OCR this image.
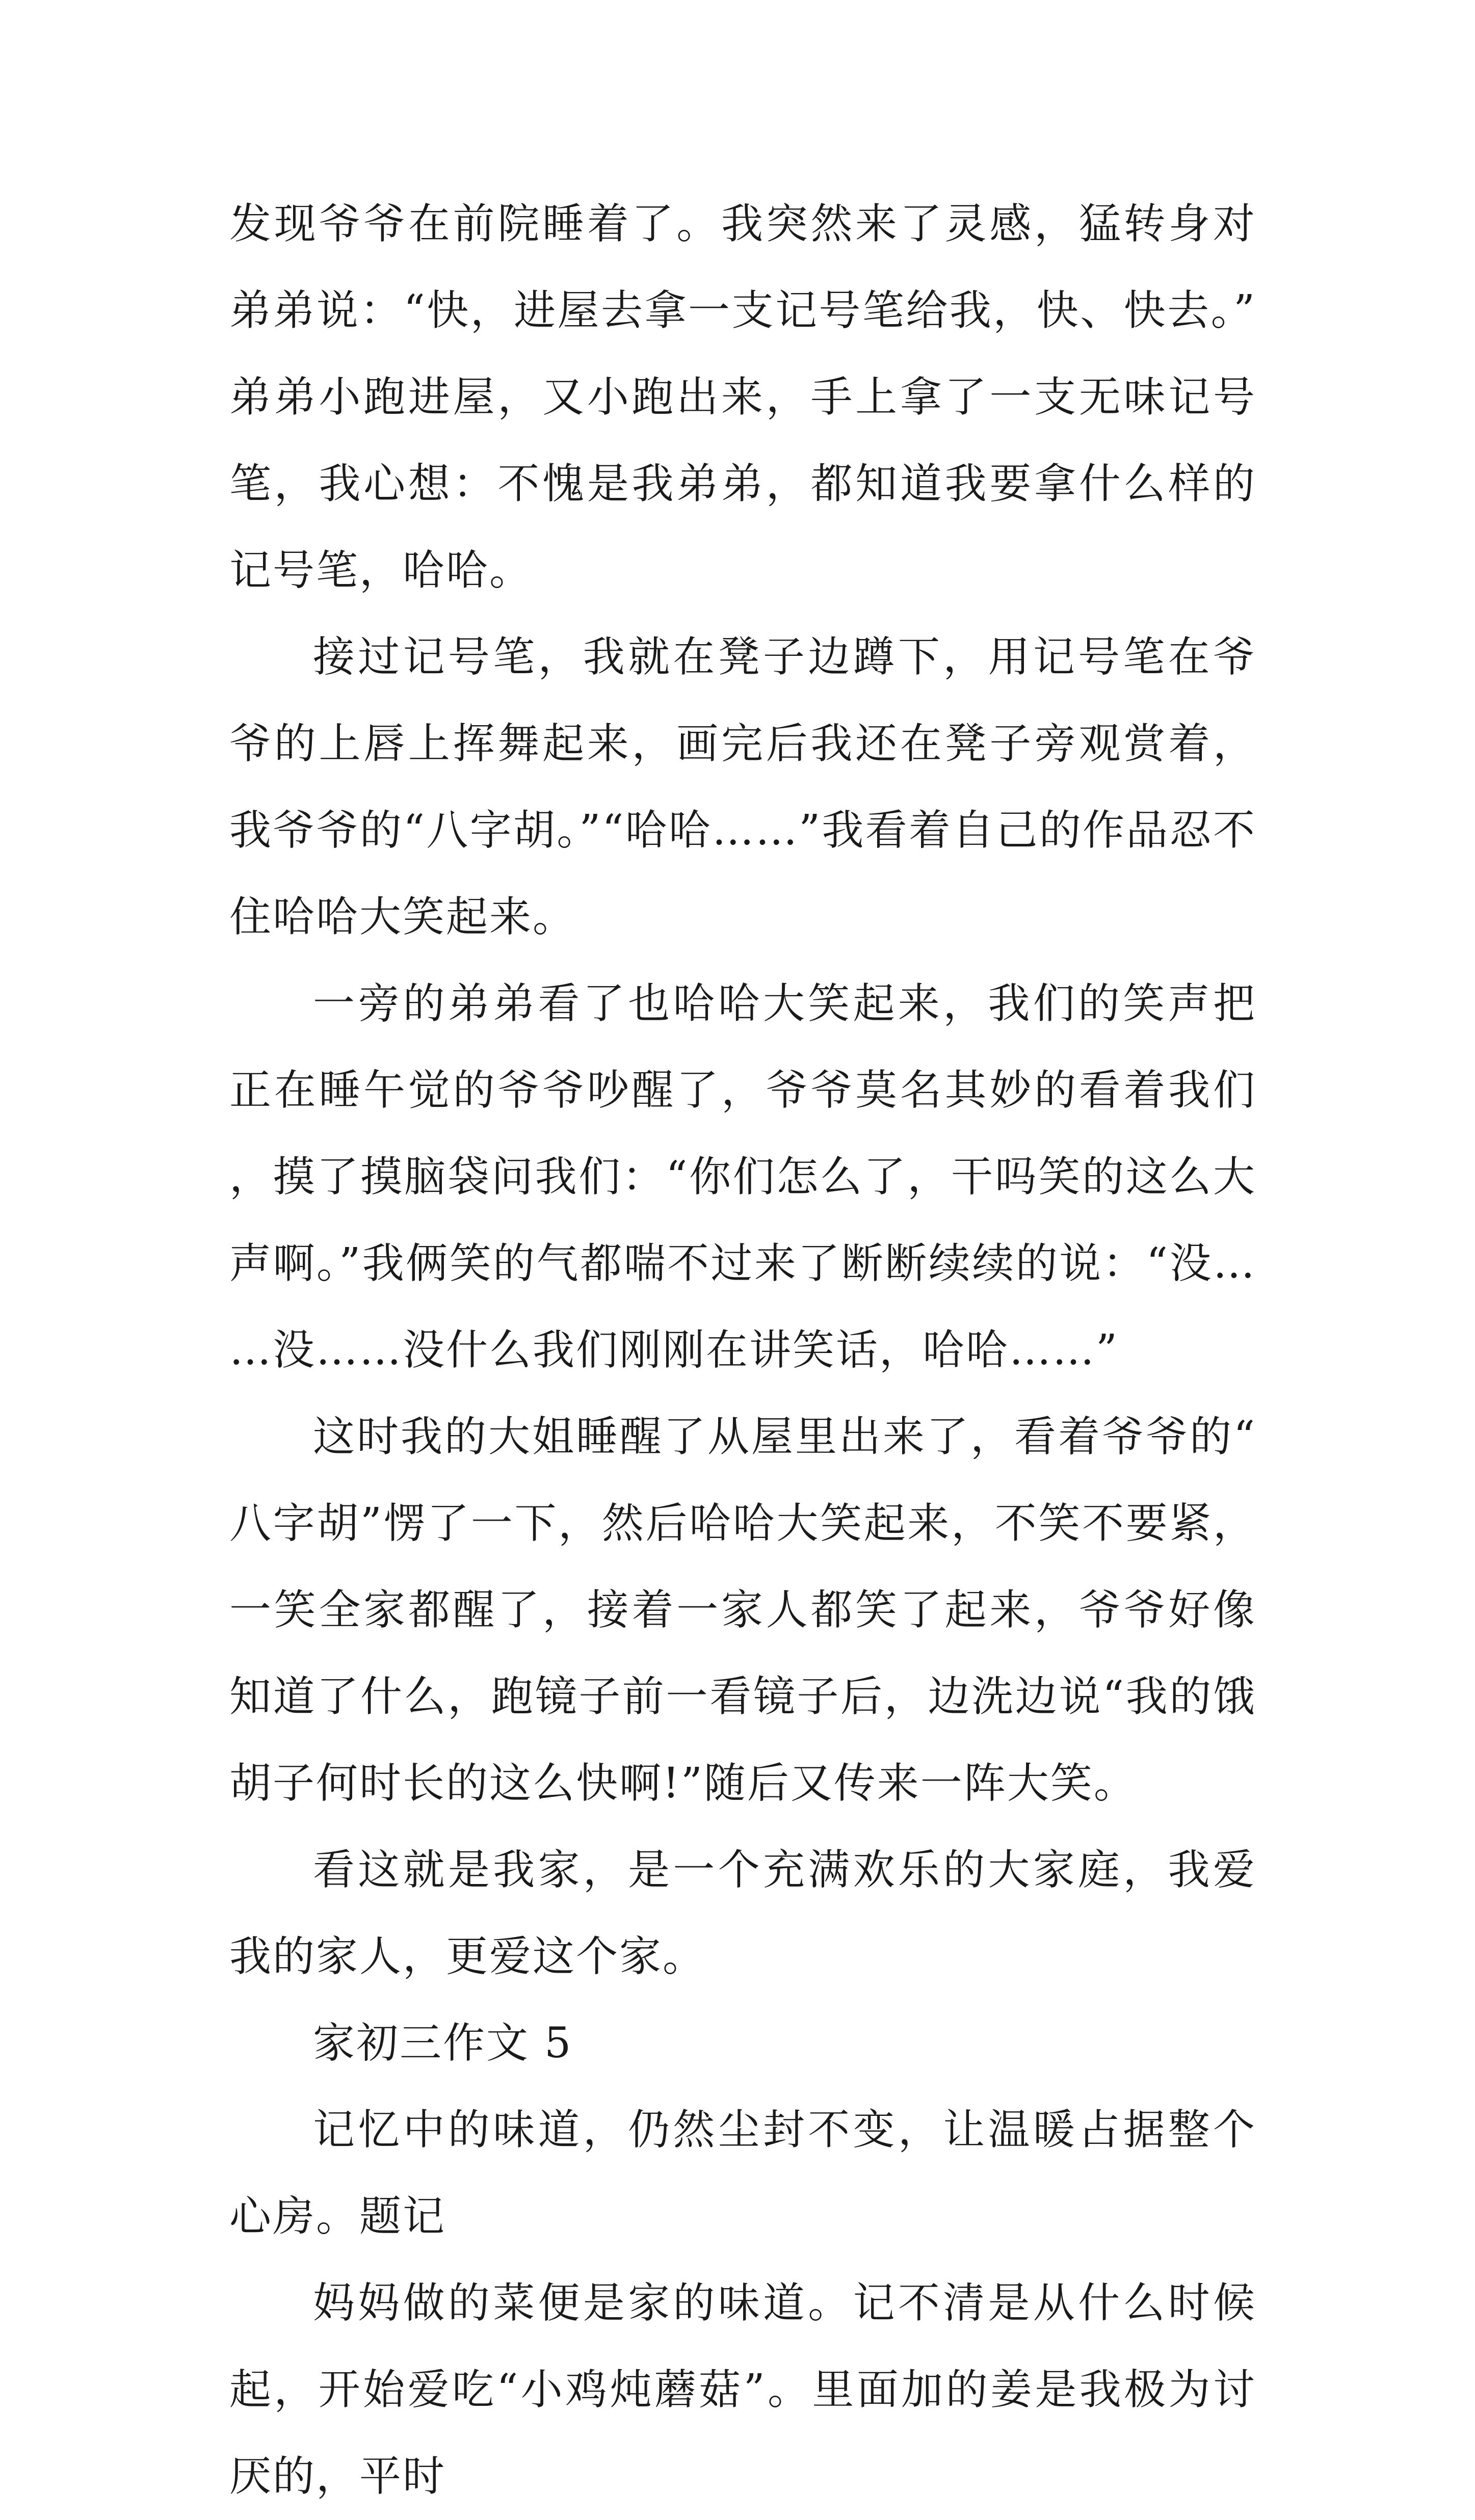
发现爷爷在前院睡着了。我突然来了灵感，猛转身对弟弟说：“快，进屋去拿一支记号笔给我，快、快去。”弟弟小跑进屋，又小跑出来，手上拿了一支无味记号笔，我心想：不愧是我弟弟，都知道我要拿什么样的记号笔，哈哈。

接过记号笔，我就在凳子边蹲下，用记号笔在爷爷的上唇上挥舞起来，画完后我还在凳子旁观赏着，我爷爷的“八字胡。”“哈哈……”我看着自己的作品忍不住哈哈大笑起来。

一旁的弟弟看了也哈哈大笑起来，我们的笑声把正在睡午觉的爷爷吵醒了，爷爷莫名其妙的看着我们，摸了摸脑袋问我们：“你们怎么了，干吗笑的这么大声啊。”我俩笑的气都喘不过来了断断续续的说：“没……没……没什么我们刚刚在讲笑话，哈哈……”

这时我的大姐睡醒了从屋里出来了，看着爷爷的“八字胡”愣了一下，然后哈哈大笑起来，不笑不要紧，一笑全家都醒了，接着一家人都笑了起来，爷爷好像知道了什么，跑镜子前一看镜子后，边洗边说“我的饿胡子何时长的这么快啊!”随后又传来一阵大笑。

看这就是我家，是一个充满欢乐的大家庭，我爱我的家人，更爱这个家。

家初三作文 5

记忆中的味道，仍然尘封不变，让温暖占据整个心房。题记

妈妈做的菜便是家的味道。记不清是从什么时候起，开始爱吃“小鸡炖蘑菇”。里面加的姜是我极为讨厌的，平时
